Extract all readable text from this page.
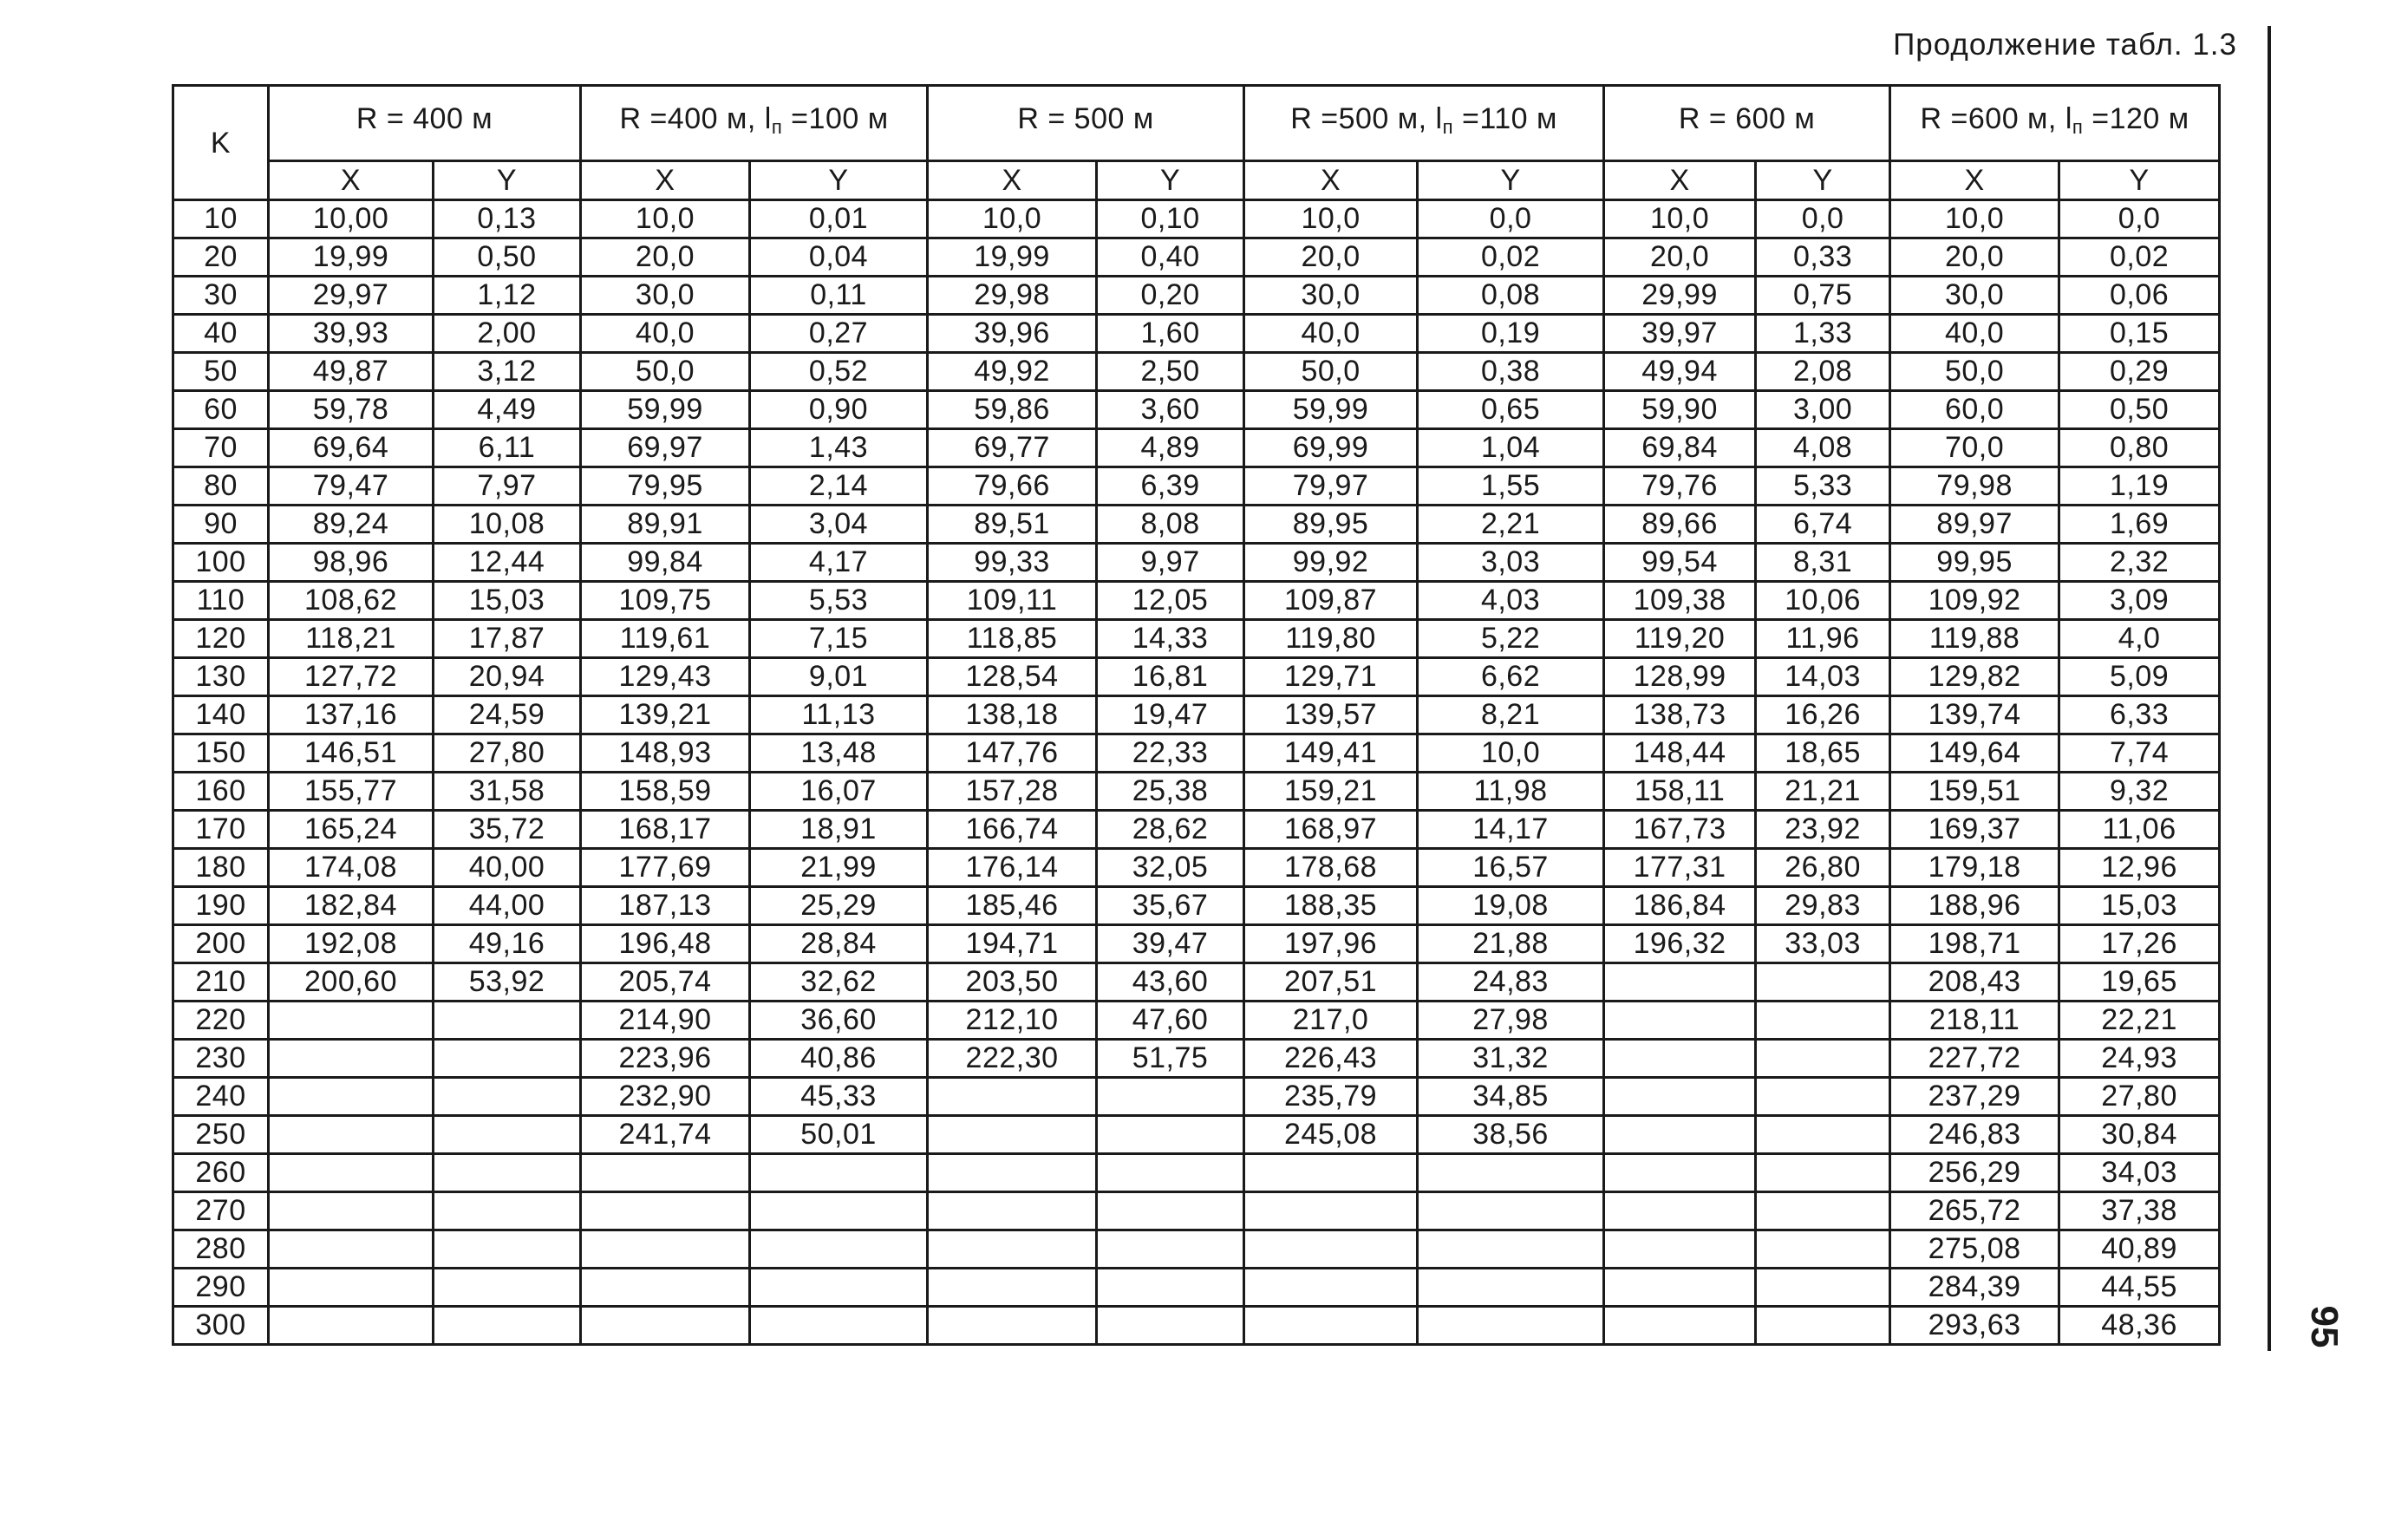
Продолжение табл. 1.3
95
K	R = 400 м		R =400 м, $l_п =100$ м		R = 500 м		R =500 м, $l_п =110$ м		R = 600 м		R =600 м, $l_п =120$ м	
	X	Y	X	Y	X	Y	X	Y	X	Y	X	Y
10	10,00	0,13	10,0	0,01	10,0	0,10	10,0	0,0	10,0	0,0	10,0	0,0
20	19,99	0,50	20,0	0,04	19,99	0,40	20,0	0,02	20,0	0,33	20,0	0,02
30	29,97	1,12	30,0	0,11	29,98	0,20	30,0	0,08	29,99	0,75	30,0	0,06
40	39,93	2,00	40,0	0,27	39,96	1,60	40,0	0,19	39,97	1,33	40,0	0,15
50	49,87	3,12	50,0	0,52	49,92	2,50	50,0	0,38	49,94	2,08	50,0	0,29
60	59,78	4,49	59,99	0,90	59,86	3,60	59,99	0,65	59,90	3,00	60,0	0,50
70	69,64	6,11	69,97	1,43	69,77	4,89	69,99	1,04	69,84	4,08	70,0	0,80
80	79,47	7,97	79,95	2,14	79,66	6,39	79,97	1,55	79,76	5,33	79,98	1,19
90	89,24	10,08	89,91	3,04	89,51	8,08	89,95	2,21	89,66	6,74	89,97	1,69
100	98,96	12,44	99,84	4,17	99,33	9,97	99,92	3,03	99,54	8,31	99,95	2,32
110	108,62	15,03	109,75	5,53	109,11	12,05	109,87	4,03	109,38	10,06	109,92	3,09
120	118,21	17,87	119,61	7,15	118,85	14,33	119,80	5,22	119,20	11,96	119,88	4,0
130	127,72	20,94	129,43	9,01	128,54	16,81	129,71	6,62	128,99	14,03	129,82	5,09
140	137,16	24,59	139,21	11,13	138,18	19,47	139,57	8,21	138,73	16,26	139,74	6,33
150	146,51	27,80	148,93	13,48	147,76	22,33	149,41	10,0	148,44	18,65	149,64	7,74
160	155,77	31,58	158,59	16,07	157,28	25,38	159,21	11,98	158,11	21,21	159,51	9,32
170	165,24	35,72	168,17	18,91	166,74	28,62	168,97	14,17	167,73	23,92	169,37	11,06
180	174,08	40,00	177,69	21,99	176,14	32,05	178,68	16,57	177,31	26,80	179,18	12,96
190	182,84	44,00	187,13	25,29	185,46	35,67	188,35	19,08	186,84	29,83	188,96	15,03
200	192,08	49,16	196,48	28,84	194,71	39,47	197,96	21,88	196,32	33,03	198,71	17,26
210	200,60	53,92	205,74	32,62	203,50	43,60	207,51	24,83			208,43	19,65
220			214,90	36,60	212,10	47,60	217,0	27,98			218,11	22,21
230			223,96	40,86	222,30	51,75	226,43	31,32			227,72	24,93
240			232,90	45,33			235,79	34,85			237,29	27,80
250			241,74	50,01			245,08	38,56			246,83	30,84
260											256,29	34,03
270											265,72	37,38
280											275,08	40,89
290											284,39	44,55
300											293,63	48,36
